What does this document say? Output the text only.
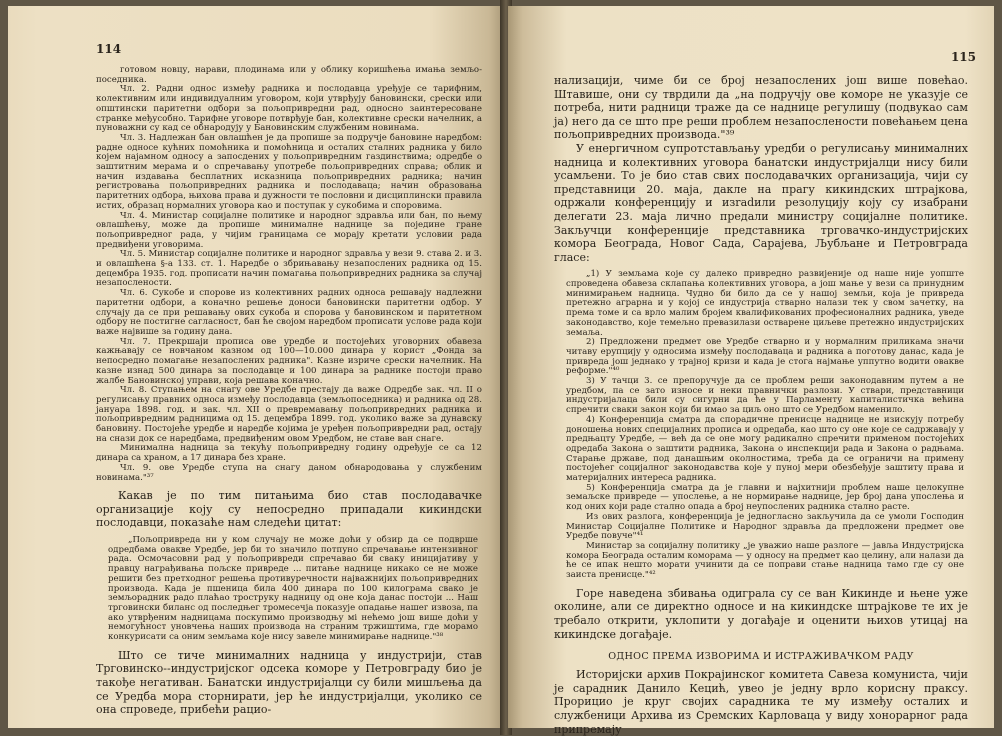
114

готовом новцу, нарави, плодинама или у облику коришћења имања земљо-поседника.

Чл. 2. Радни однос између радника и послодавца уређује се тарифним, колективним или индивидуалним уговором, који утврђују бановински, срески или општински паритетни одбори за пољопривредни рад, односно заинтересоване странке међусобно. Тарифне уговоре потврђује бан, колективне срески начелник, а пуноважни су кад се обнародују у Бановинским службеним новинама.

Чл. 3. Надлежан бан овлашћен је да пропише за подручје бановине наредбом: радне односе кућних помоћника и помоћница и осталих сталних радника у било којем најамном односу а запосдених у пољопривредним газдинствима; одредбе о заштитним мерама и о спречавању употребе пољопривредних справа; облик и начин издавања бесплатних исказница пољопривредних радника; начин регистровања пољопривредних радника и послодаваца; начин образовања паритетних одбора, њихова права и дужности те пословни и дисциплински правила истих, образац нормалних уговора као и поступак у сукобима и споровима.

Чл. 4. Министар социјалне политике и народног здравља или бан, по њему овлашћењу, може да пропише минималне наднице за поједине гране пољопривредног рада, у чијим границама се морају кретати условии рада предвиђени уговорима.

Чл. 5. Министар социјалне политике и народног здравља у вези 9. става 2. и 3. и овлашћена §-а 133. ст. 1. Наредбе о збрињавању незапослених радника од 15. децембра 1935. год. прописати начин помагања пољопривредних радника за случај незапослености.

Чл. 6. Сукобе и спорове из колективних радних односа решавају надлежни паритетни одбори, а коначно решење доноси бановински паритетни одбор. У случају да се при решавању ових сукоба и спорова у бановинском и паритетном одбору не постигне сагласност, бан ће својом наредбом прописати услове рада који важе највише за годину дана.

Чл. 7. Прекршаји прописа ове уредбе и постојећих уговорних обавеза кажњавају се новчаном казном од 100—10.000 динара у корист „Фонда за непосредно помагање незапослених радника". Казне изриче срески начелник. На казне изнад 500 динара за послодавце и 100 динара за раднике постоји право жалбе Бановинској управи, која решава коначно.

Чл. 8. Ступањем на снагу ове Уредбе престају да важе Одредбе зак. чл. II о регулисању правних односа између послодавца (земљопоседника) и радника од 28. јануара 1898. год. и зак. чл. XII о превремавању пољопривредних радника и пољопривредним радницима од 15. децембра 1899. год. уколико важе за дунавску бановину. Постојеће уредбе и наредбе којима је уређен пољопривредни рад, остају на снази док се наредбама, предвиђеним овом Уредбом, не ставе ван снаге.

Минимална надница за текућу пољопривредну годину одређује се са 12 динара са храном, а 17 динара без хране.

Чл. 9. ове Уредбе ступа на снагу даном обнародовања у службеним новинама."³⁷

Какав је по тим питањима био став послодавачке организације коју су непосредно припадали кикиндски послодавци, показаће нам следећи цитат:

„Пољопривреда ни у ком случају не може доћи у обзир да се подврше одредбама овакве Уредбе, јер би то значило потпуно спречавање интензивног рада. Осмочасовни рад у пољопривреди спречавао би сваку иницијативу у правцу награђивања пољске привреде ... питање наднице никако се не може решити без претходног решења противуречности најважнијих пољопривредних производа. Када је пшеница била 400 динара по 100 килограма свако је земљорадник радо плаћао троструку надницу од оне која данас постоји ... Наш трговински биланс од последњег тромесечја показује опадање нашег извоза, па ако утврђеним надницама поскупимо производњу мі нећемо још више доћи у немогућност уновчења наших производа на страним тржиштима, где морамо конкурисати са оним земљама које нису завеле минимирање наднице."³⁸

Што се тиче минималних надница у индустрији, став Трговинско--индустријског одсека коморе у Петровграду био је такође негативан. Банатски индустријалци су били мишљења да се Уредба мора сторнирати, јер ће индустријалци, уколико се она спроведе, прибећи рацио-

115

нализацији, чиме би се број незапослених још више повећао. Штавише, они су тврдили да „на подручју ове коморе не указује се потреба, нити радници траже да се наднице регулишу (подвукао сам ја) него да се што пре реши проблем незапослености повећањем цена пољопривредних производа."³⁹

У енергичном супротстављању уредби о регулисању минималних надница и колективних уговора банатски индустријалци нису били усамљени. То је био став свих послодавачких организација, чији су представници 20. маја, дакле на прагу кикиндских штрајкова, одржали конференцију и изradили резолуцију коју су изабрани делегати 23. маја лично предали министру социјалне политике. Закључци конференције представника трговачко-индустријских комора Београда, Новог Сада, Сарајева, Љубљане и Петровграда гласе:

„1) У земљама које су далеко привредно развијеније од наше није уопште спроведена обавеза склапања колективних уговора, а још мање у вези са принудним минимирањем надница. Чудно би било да се у нашој земљи, која је привреда претежно аграрна и у којој се индустрија стварно налази тек у свом зачетку, на према томе и са врло малим бројем квалификованих професионалних радника, уведе законодавство, које темељно превазилази остварене циљеве претежно индустријских земаља.

2) Предложени предмет ове Уредбе стварно и у нормалним приликама значи читаву ерупцију у односима између послодаваца и радника а поготову данас, када је привреда још једнако у трајној кризи и када је стога најмање уппутно водити овакве реформе."⁴⁰

3) У тачци 3. се препоручује да се проблем реши законодавним путем а не уредбом, па се зато износе и неки правнички разлози. У ствари, представници индустријалаца били су сигурни да ће у Парламенту капиталистичка већина спречити сваки закон који би имао за циљ оно што се Уредбом наменило.

4) Конференција сматра да спорадичне пренисце наднице не изискују потребу доношења нових специјалних прописа и одредаба, као што су оне које се садржавају у предњацту Уредбе, — већ да се оне могу радикално спречити применом постојећих одредаба Закона о заштити радника, Закона о инспекцији рада и Закона о радњама. Старање државе, под данашњим околностима, треба да се ограничи на примену постојећег социјалног законодавства које у пуној мери обезбеђује заштиту права и материјалних интереса радника.

5) Конференција сматра да је главни и најхитнији проблем наше целокупне земаљске привреде — упослење, а не нормирање наднице, јер број дана упослења и код оних који раде стално опада а број неупослених радника стално расте.

Из ових разлога, конференција је једногласно закључила да се умоли Господин Министар Социјалне Политике и Народног здравља да предложени предмет ове Уредбе повуче"⁴¹

Министар за социјалну политику „је уважио наше разлоге — јавља Индустријска комора Београда осталим коморама — у односу на предмет као целину, али налази да ће се ипак нешто морати учинити да се поправи стање надница тамо где су оне заиста пренисце."⁴²

Горе наведена збивања одиграла су се ван Кикинде и њене уже околине, али се директно односе и на кикиндске штрајкове те их је требало открити, уклопити у догађаје и оценити њихов утицај на кикиндске догађаје.

ОДНОС ПРЕМА ИЗВОРИМА И ИСТРАЖИВАЧКОМ РАДУ

Историјски архив Покрајинског комитета Савеза комуниста, чији је сарадник Данило Кецић, увео је једну врло корисну праксу. Прорицио је круг својих сарадника те му између осталих и службеници Архива из Сремских Карловаца у виду хонорарног рада припремају
